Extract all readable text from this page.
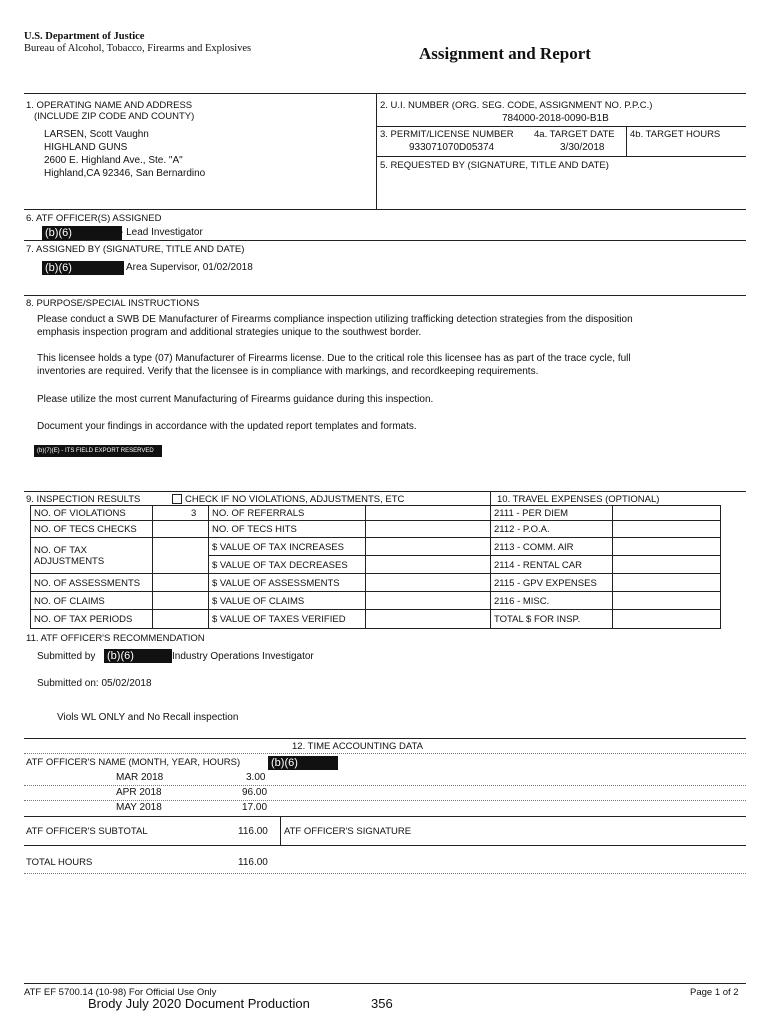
U.S. Department of Justice
Bureau of Alcohol, Tobacco, Firearms and Explosives	Assignment and Report
1. OPERATING NAME AND ADDRESS
(INCLUDE ZIP CODE AND COUNTY)
LARSEN, Scott Vaughn
HIGHLAND GUNS
2600 E. Highland Ave., Ste. "A"
Highland,CA 92346, San Bernardino
2. U.I. NUMBER (ORG. SEG. CODE, ASSIGNMENT NO. P.P.C.)
784000-2018-0090-B1B
3. PERMIT/LICENSE NUMBER 4a. TARGET DATE 4b. TARGET HOURS
933071070D05374	3/30/2018
5. REQUESTED BY (SIGNATURE, TITLE AND DATE)
6. ATF OFFICER(S) ASSIGNED
(b)(6)	- Lead Investigator
7. ASSIGNED BY (SIGNATURE, TITLE AND DATE)
(b)(6)	, Area Supervisor, 01/02/2018
8. PURPOSE/SPECIAL INSTRUCTIONS
Please conduct a SWB DE Manufacturer of Firearms compliance inspection utilizing trafficking detection strategies from the disposition
emphasis inspection program and additional strategies unique to the southwest border.
This licensee holds a type (07) Manufacturer of Firearms license. Due to the critical role this licensee has as part of the trace cycle, full
inventories are required. Verify that the licensee is in compliance with markings, and recordkeeping requirements.
Please utilize the most current Manufacturing of Firearms guidance during this inspection.
Document your findings in accordance with the updated report templates and formats.
(b)(7)(E) - ITS FIELD EXPORT RESERVED
9. INSPECTION RESULTS	CHECK IF NO VIOLATIONS, ADJUSTMENTS, ETC	10. TRAVEL EXPENSES (OPTIONAL)
NO. OF VIOLATIONS	3 NO. OF REFERRALS	2111 - PER DIEM
NO. OF TECS CHECKS	NO. OF TECS HITS	2112 - P.O.A.
NO. OF TAX
ADJUSTMENTS
$ VALUE OF TAX INCREASES	2113 - COMM. AIR
$ VALUE OF TAX DECREASES	2114 - RENTAL CAR
NO. OF ASSESSMENTS	$ VALUE OF ASSESSMENTS	2115 - GPV EXPENSES
NO. OF CLAIMS	$ VALUE OF CLAIMS	2116 - MISC.
NO. OF TAX PERIODS	$ VALUE OF TAXES VERIFIED	TOTAL $ FOR INSP.
11. ATF OFFICER'S RECOMMENDATION
Submitted by (b)(6)	Industry Operations Investigator
Submitted on: 05/02/2018
Viols WL ONLY and No Recall inspection
12. TIME ACCOUNTING DATA
ATF OFFICER'S NAME (MONTH, YEAR, HOURS)	(b)(6)
MAR 2018	3.00
APR 2018	96.00
MAY 2018	17.00
ATF OFFICER'S SUBTOTAL	116.00 ATF OFFICER'S SIGNATURE
TOTAL HOURS	116.00
ATF EF 5700.14 (10-98) For Official Use Only	Page 1 of 2
Brody July 2020 Document Production	356
